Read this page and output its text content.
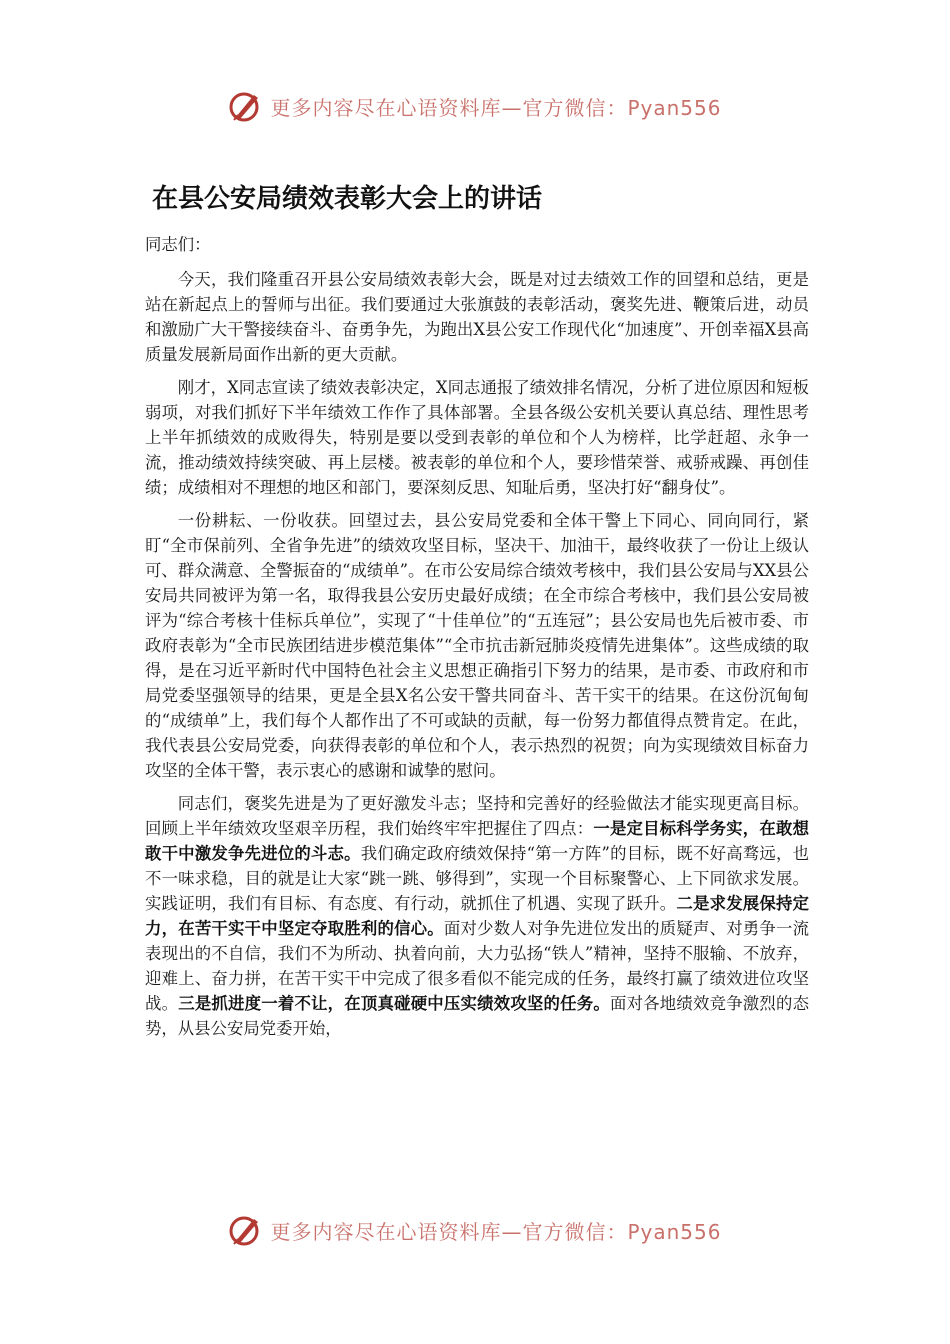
更多内容尽在心语资料库—官方微信：Pyan556
在县公安局绩效表彰大会上的讲话

同志们：

今天，我们隆重召开县公安局绩效表彰大会，既是对过去绩效工作的回望和总结，更是站在新起点上的誓师与出征。我们要通过大张旗鼓的表彰活动，褒奖先进、鞭策后进，动员和激励广大干警接续奋斗、奋勇争先，为跑出X县公安工作现代化“加速度”、开创幸福X县高质量发展新局面作出新的更大贡献。

刚才，X同志宣读了绩效表彰决定，X同志通报了绩效排名情况，分析了进位原因和短板弱项，对我们抓好下半年绩效工作作了具体部署。全县各级公安机关要认真总结、理性思考上半年抓绩效的成败得失，特别是要以受到表彰的单位和个人为榜样，比学赶超、永争一流，推动绩效持续突破、再上层楼。被表彰的单位和个人，要珍惜荣誉、戒骄戒躁、再创佳绩；成绩相对不理想的地区和部门，要深刻反思、知耻后勇，坚决打好“翻身仗”。

一份耕耘、一份收获。回望过去，县公安局党委和全体干警上下同心、同向同行，紧盯“全市保前列、全省争先进”的绩效攻坚目标，坚决干、加油干，最终收获了一份让上级认可、群众满意、全警振奋的“成绩单”。在市公安局综合绩效考核中，我们县公安局与XX县公安局共同被评为第一名，取得我县公安历史最好成绩；在全市综合考核中，我们县公安局被评为“综合考核十佳标兵单位”，实现了“十佳单位”的“五连冠”；县公安局也先后被市委、市政府表彰为“全市民族团结进步模范集体”“全市抗击新冠肺炎疫情先进集体”。这些成绩的取得，是在习近平新时代中国特色社会主义思想正确指引下努力的结果，是市委、市政府和市局党委坚强领导的结果，更是全县X名公安干警共同奋斗、苦干实干的结果。在这份沉甸甸的“成绩单”上，我们每个人都作出了不可或缺的贡献，每一份努力都值得点赞肯定。在此，我代表县公安局党委，向获得表彰的单位和个人，表示热烈的祝贺；向为实现绩效目标奋力攻坚的全体干警，表示衷心的感谢和诚挚的慰问。

同志们，褒奖先进是为了更好激发斗志；坚持和完善好的经验做法才能实现更高目标。回顾上半年绩效攻坚艰辛历程，我们始终牢牢把握住了四点：一是定目标科学务实，在敢想敢干中激发争先进位的斗志。我们确定政府绩效保持“第一方阵”的目标，既不好高骛远，也不一味求稳，目的就是让大家“跳一跳、够得到”，实现一个目标聚警心、上下同欲求发展。实践证明，我们有目标、有态度、有行动，就抓住了机遇、实现了跃升。二是求发展保持定力，在苦干实干中坚定夺取胜利的信心。面对少数人对争先进位发出的质疑声、对勇争一流表现出的不自信，我们不为所动、执着向前，大力弘扬“铁人”精神，坚持不服输、不放弃，迎难上、奋力拼，在苦干实干中完成了很多看似不能完成的任务，最终打赢了绩效进位攻坚战。三是抓进度一着不让，在顶真碰硬中压实绩效攻坚的任务。面对各地绩效竞争激烈的态势，从县公安局党委开始，

更多内容尽在心语资料库—官方微信：Pyan556
